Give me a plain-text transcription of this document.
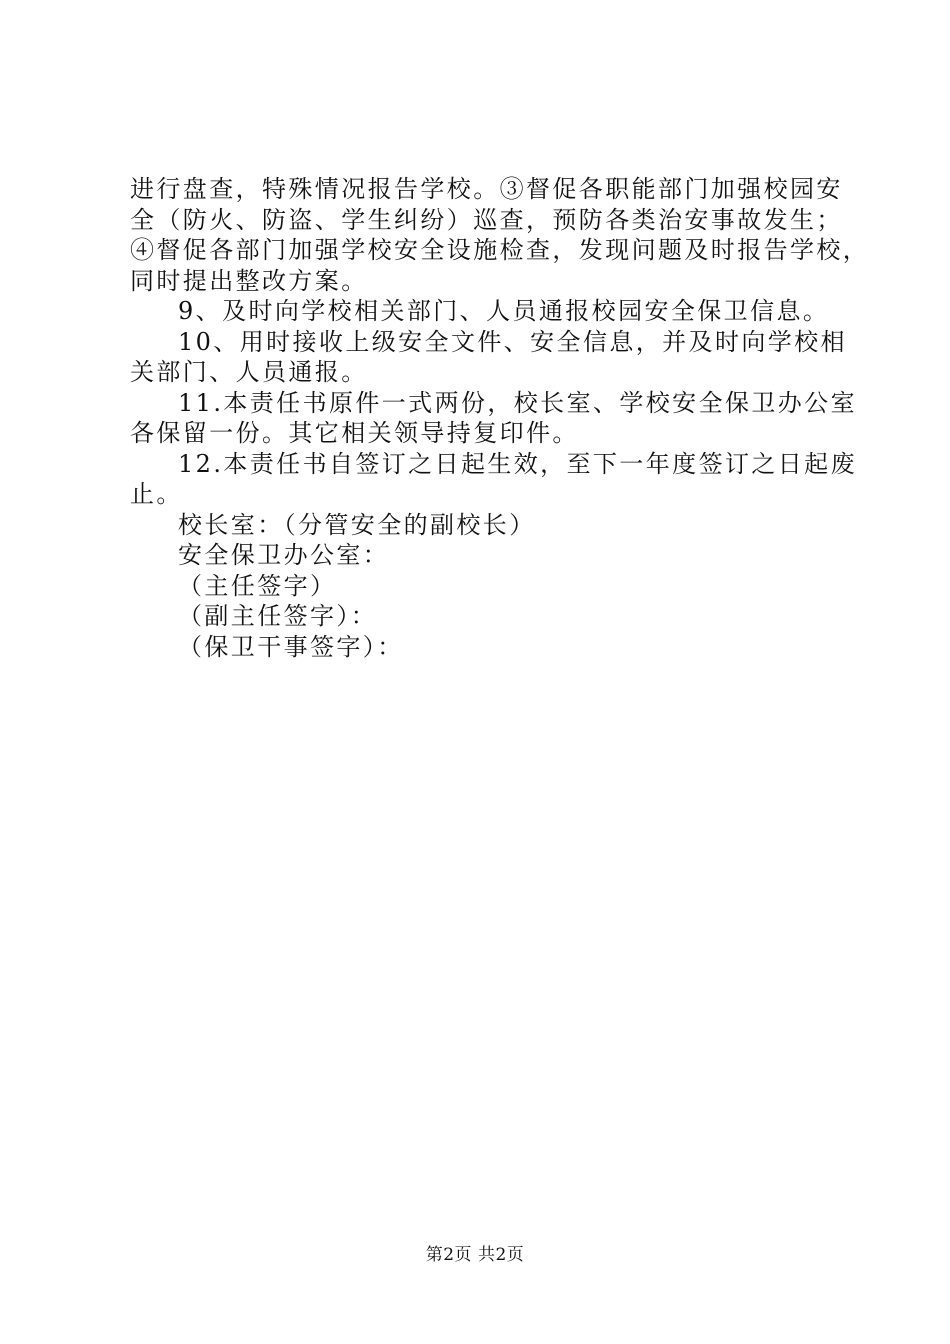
进行盘查，特殊情况报告学校。③督促各职能部门加强校园安
全（防火、防盗、学生纠纷）巡查，预防各类治安事故发生；
④督促各部门加强学校安全设施检查，发现问题及时报告学校，
同时提出整改方案。
9、及时向学校相关部门、人员通报校园安全保卫信息。
10、用时接收上级安全文件、安全信息，并及时向学校相
关部门、人员通报。
11.本责任书原件一式两份，校长室、学校安全保卫办公室
各保留一份。其它相关领导持复印件。
12.本责任书自签订之日起生效，至下一年度签订之日起废
止。
校长室：（分管安全的副校长）
安全保卫办公室：
（主任签字）
（副主任签字）：
（保卫干事签字）：
第2页 共2页
